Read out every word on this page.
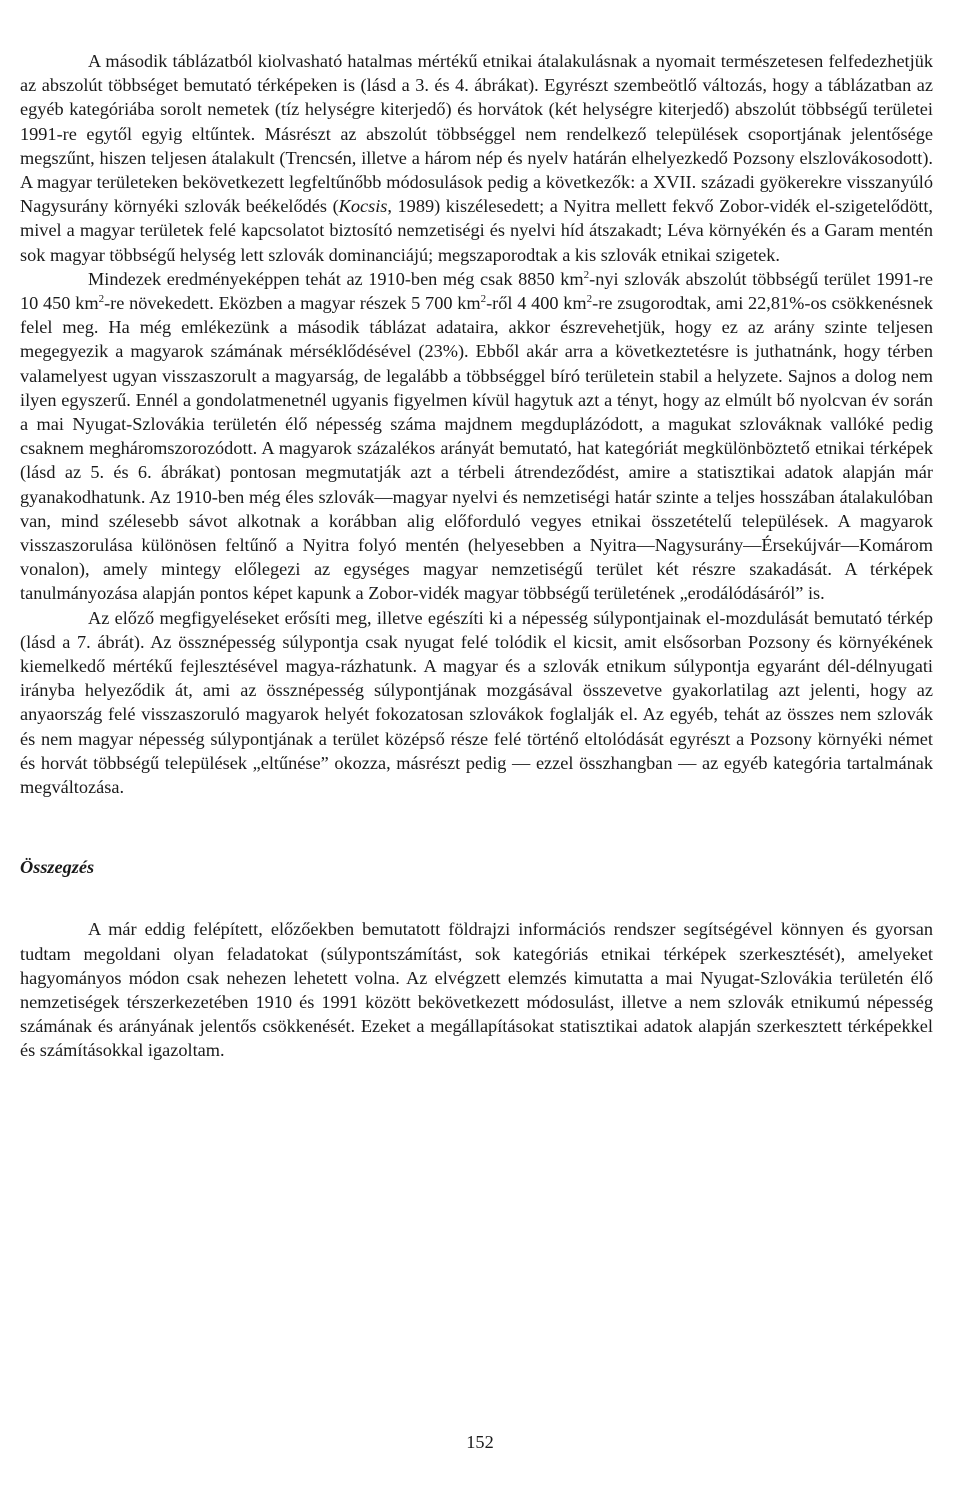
A második táblázatból kiolvasható hatalmas mértékű etnikai átalakulásnak a nyomait természetesen felfedezhetjük az abszolút többséget bemutató térképeken is (lásd a 3. és 4. ábrákat). Egyrészt szembeötlő változás, hogy a táblázatban az egyéb kategóriába sorolt nemetek (tíz helységre kiterjedő) és horvátok (két helységre kiterjedő) abszolút többségű területei 1991-re egytől egyig eltűntek. Másrészt az abszolút többséggel nem rendelkező települések csoportjának jelentősége megszűnt, hiszen teljesen átalakult (Trencsén, illetve a három nép és nyelv határán elhelyezkedő Pozsony elszlovákosodott). A magyar területeken bekövetkezett legfeltűnőbb módosulások pedig a következők: a XVII. századi gyökerekre visszanyúló Nagysurány környéki szlovák beékelődés (Kocsis, 1989) kiszélesedett; a Nyitra mellett fekvő Zobor-vidék el-szigetelődött, mivel a magyar területek felé kapcsolatot biztosító nemzetiségi és nyelvi híd átszakadt; Léva környékén és a Garam mentén sok magyar többségű helység lett szlovák dominanciájú; megszaporodtak a kis szlovák etnikai szigetek.

Mindezek eredményeképpen tehát az 1910-ben még csak 8850 $km^2$-nyi szlovák abszolút többségű terület 1991-re 10 450 $km^2-re$ növekedett. Eközben a magyar részek 5 700 $km^2$-ről 4 400 $km^2-re$ zsugorodtak, ami 22,81%-os csökkenésnek felel meg. Ha még emlékezünk a második táblázat adataira, akkor észrevehetjük, hogy ez az arány szinte teljesen megegyezik a magyarok számának mérséklődésével (23%). Ebből akár arra a következtetésre is juthatnánk, hogy térben valamelyest ugyan visszaszorult a magyarság, de legalább a többséggel bíró területein stabil a helyzete. Sajnos a dolog nem ilyen egyszerű. Ennél a gondolatmenetnél ugyanis figyelmen kívül hagytuk azt a tényt, hogy az elmúlt bő nyolcvan év során a mai Nyugat-Szlovákia területén élő népesség száma majdnem megduplázódott, a magukat szlováknak vallóké pedig csaknem megháromszorozódott. A magyarok százalékos arányát bemutató, hat kategóriát megkülönböztető etnikai térképek (lásd az 5. és 6. ábrákat) pontosan megmutatják azt a térbeli átrendeződést, amire a statisztikai adatok alapján már gyanakodhatunk. Az 1910-ben még éles szlovák—magyar nyelvi és nemzetiségi határ szinte a teljes hosszában átalakulóban van, mind szélesebb sávot alkotnak a korábban alig előforduló vegyes etnikai összetételű települések. A magyarok visszaszorulása különösen feltűnő a Nyitra folyó mentén (helyesebben a Nyitra—Nagysurány—Érsekújvár—Komárom vonalon), amely mintegy előlegezi az egységes magyar nemzetiségű terület két részre szakadását. A térképek tanulmányozása alapján pontos képet kapunk a Zobor-vidék magyar többségű területének „erodálódásáról” is.

Az előző megfigyeléseket erősíti meg, illetve egészíti ki a népesség súlypontjainak el-mozdulását bemutató térkép (lásd a 7. ábrát). Az össznépesség súlypontja csak nyugat felé tolódik el kicsit, amit elsősorban Pozsony és környékének kiemelkedő mértékű fejlesztésével magya-rázhatunk. A magyar és a szlovák etnikum súlypontja egyaránt dél-délnyugati irányba helyeződik át, ami az össznépesség súlypontjának mozgásával összevetve gyakorlatilag azt jelenti, hogy az anyaország felé visszaszoruló magyarok helyét fokozatosan szlovákok foglalják el. Az egyéb, tehát az összes nem szlovák és nem magyar népesség súlypontjának a terület középső része felé történő eltolódását egyrészt a Pozsony környéki német és horvát többségű települések „eltűnése” okozza, másrészt pedig — ezzel összhangban — az egyéb kategória tartalmának megváltozása.

Összegzés

A már eddig felépített, előzőekben bemutatott földrajzi információs rendszer segítségével könnyen és gyorsan tudtam megoldani olyan feladatokat (súlypontszámítást, sok kategóriás etnikai térképek szerkesztését), amelyeket hagyományos módon csak nehezen lehetett volna. Az elvégzett elemzés kimutatta a mai Nyugat-Szlovákia területén élő nemzetiségek térszerkezetében 1910 és 1991 között bekövetkezett módosulást, illetve a nem szlovák etnikumú népesség számának és arányának jelentős csökkenését. Ezeket a megállapításokat statisztikai adatok alapján szerkesztett térképekkel és számításokkal igazoltam.

152
